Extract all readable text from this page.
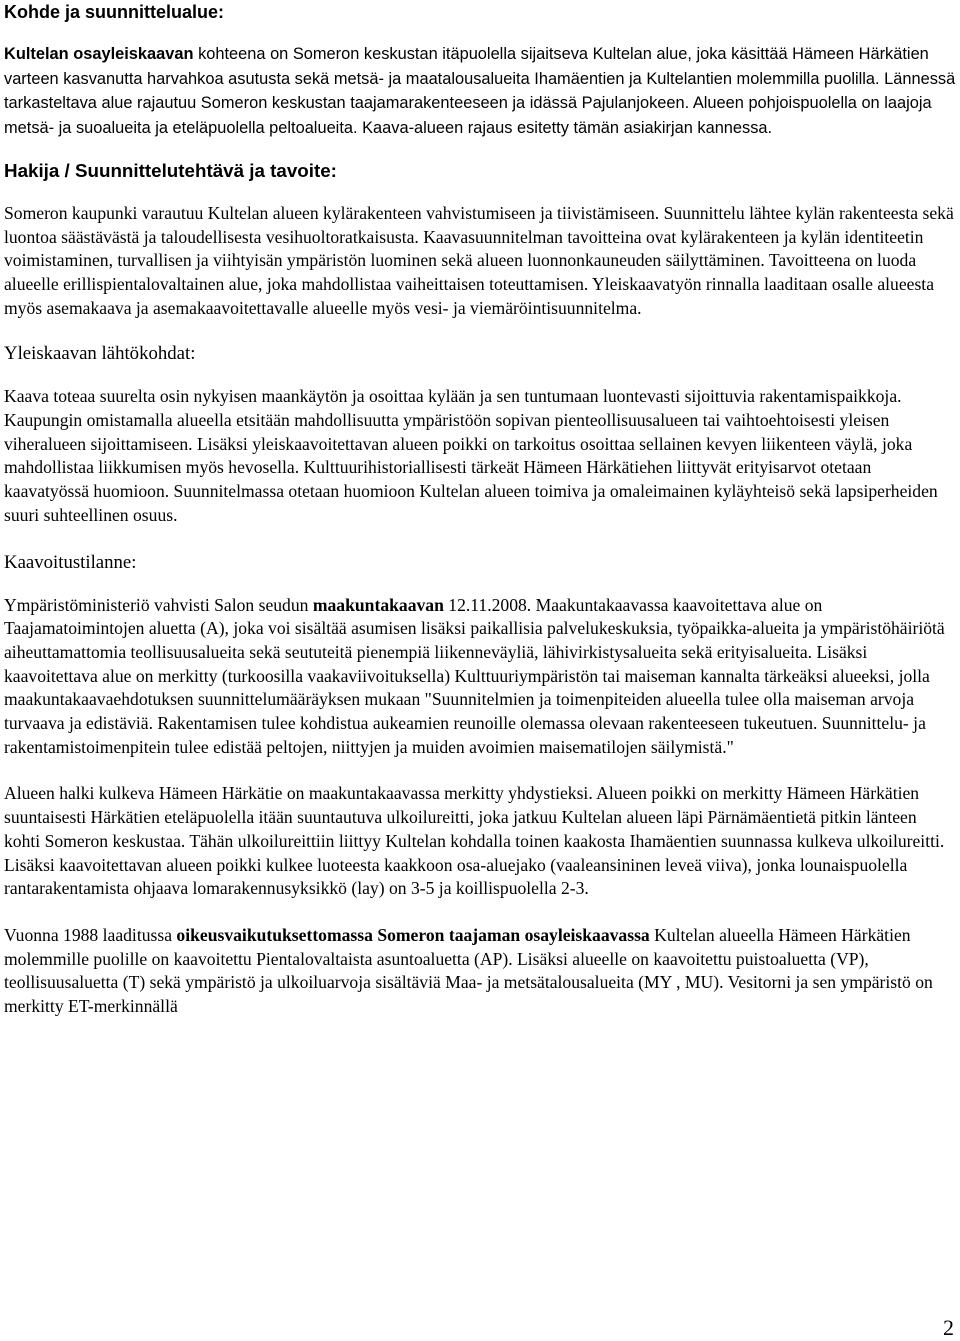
Kohde ja suunnittelualue:

Kultelan osayleiskaavan kohteena on Someron keskustan itäpuolella sijaitseva Kultelan alue, joka käsittää Hämeen Härkätien varteen kasvanutta harvahkoa asutusta sekä metsä- ja maatalousalueita Ihamäentien ja Kultelantien molemmilla puolilla. Lännessä tarkasteltava alue rajautuu Someron keskustan taajamarakenteeseen ja idässä Pajulanjokeen. Alueen pohjoispuolella on laajoja metsä- ja suoalueita ja eteläpuolella peltoalueita. Kaava-alueen rajaus esitetty tämän asiakirjan kannessa.

Hakija / Suunnittelutehtävä ja tavoite:

Someron kaupunki varautuu Kultelan alueen kylärakenteen vahvistumiseen ja tiivistämiseen. Suunnittelu lähtee kylän rakenteesta sekä luontoa säästävästä ja taloudellisesta vesihuoltoratkaisusta. Kaavasuunnitelman tavoitteina ovat kylärakenteen ja kylän identiteetin voimistaminen, turvallisen ja viihtyisän ympäristön luominen sekä alueen luonnonkauneuden säilyttäminen. Tavoitteena on luoda alueelle erillispientalovaltainen alue, joka mahdollistaa vaiheittaisen toteuttamisen. Yleiskaavatyön rinnalla laaditaan osalle alueesta myös asemakaava ja asemakaavoitettavalle alueelle myös vesi- ja viemäröintisuunnitelma.

Yleiskaavan lähtökohdat:

Kaava toteaa suurelta osin nykyisen maankäytön ja osoittaa kylään ja sen tuntumaan luontevasti sijoittuvia rakentamispaikkoja. Kaupungin omistamalla alueella etsitään mahdollisuutta ympäristöön sopivan pienteollisuusalueen tai vaihtoehtoisesti yleisen viheralueen sijoittamiseen. Lisäksi yleiskaavoitettavan alueen poikki on tarkoitus osoittaa sellainen kevyen liikenteen väylä, joka mahdollistaa liikkumisen myös hevosella. Kulttuurihistoriallisesti tärkeät Hämeen Härkätiehen liittyvät erityisarvot otetaan kaavatyössä huomioon. Suunnitelmassa otetaan huomioon Kultelan alueen toimiva ja omaleimainen kyläyhteisö sekä lapsiperheiden suuri suhteellinen osuus.

Kaavoitustilanne:

Ympäristöministeriö vahvisti Salon seudun maakuntakaavan 12.11.2008. Maakuntakaavassa kaavoitettava alue on Taajamatoimintojen aluetta (A), joka voi sisältää asumisen lisäksi paikallisia palvelukeskuksia, työpaikka-alueita ja ympäristöhäiriötä aiheuttamattomia teollisuusalueita sekä seututeitä pienempiä liikenneväyliä, lähivirkistysalueita sekä erityisalueita. Lisäksi kaavoitettava alue on merkitty (turkoosilla vaakaviivoituksella) Kulttuuriympäristön tai maiseman kannalta tärkeäksi alueeksi, jolla maakuntakaavaehdotuksen suunnittelumääräyksen mukaan "Suunnitelmien ja toimenpiteiden alueella tulee olla maiseman arvoja turvaava ja edistäviä. Rakentamisen tulee kohdistua aukeamien reunoille olemassa olevaan rakenteeseen tukeutuen. Suunnittelu- ja rakentamistoimenpitein tulee edistää peltojen, niittyjen ja muiden avoimien maisematilojen säilymistä."

Alueen halki kulkeva Hämeen Härkätie on maakuntakaavassa merkitty yhdystieksi. Alueen poikki on merkitty Hämeen Härkätien suuntaisesti Härkätien eteläpuolella itään suuntautuva ulkoilureitti, joka jatkuu Kultelan alueen läpi Pärnämäentietä pitkin länteen kohti Someron keskustaa. Tähän ulkoilureittiin liittyy Kultelan kohdalla toinen kaakosta Ihamäentien suunnassa kulkeva ulkoilureitti. Lisäksi kaavoitettavan alueen poikki kulkee luoteesta kaakkoon osa-aluejako (vaaleansininen leveä viiva), jonka lounaispuolella rantarakentamista ohjaava lomarakennusyksikkö (lay) on 3-5 ja koillispuolella 2-3.

Vuonna 1988 laaditussa oikeusvaikutuksettomassa Someron taajaman osayleiskaavassa Kultelan alueella Hämeen Härkätien molemmille puolille on kaavoitettu Pientalovaltaista asuntoaluetta (AP). Lisäksi alueelle on kaavoitettu puistoaluetta (VP), teollisuusaluetta (T) sekä ympäristö ja ulkoiluarvoja sisältäviä Maa- ja metsätalousalueita (MY , MU). Vesitorni ja sen ympäristö on merkitty ET-merkinnällä

2
